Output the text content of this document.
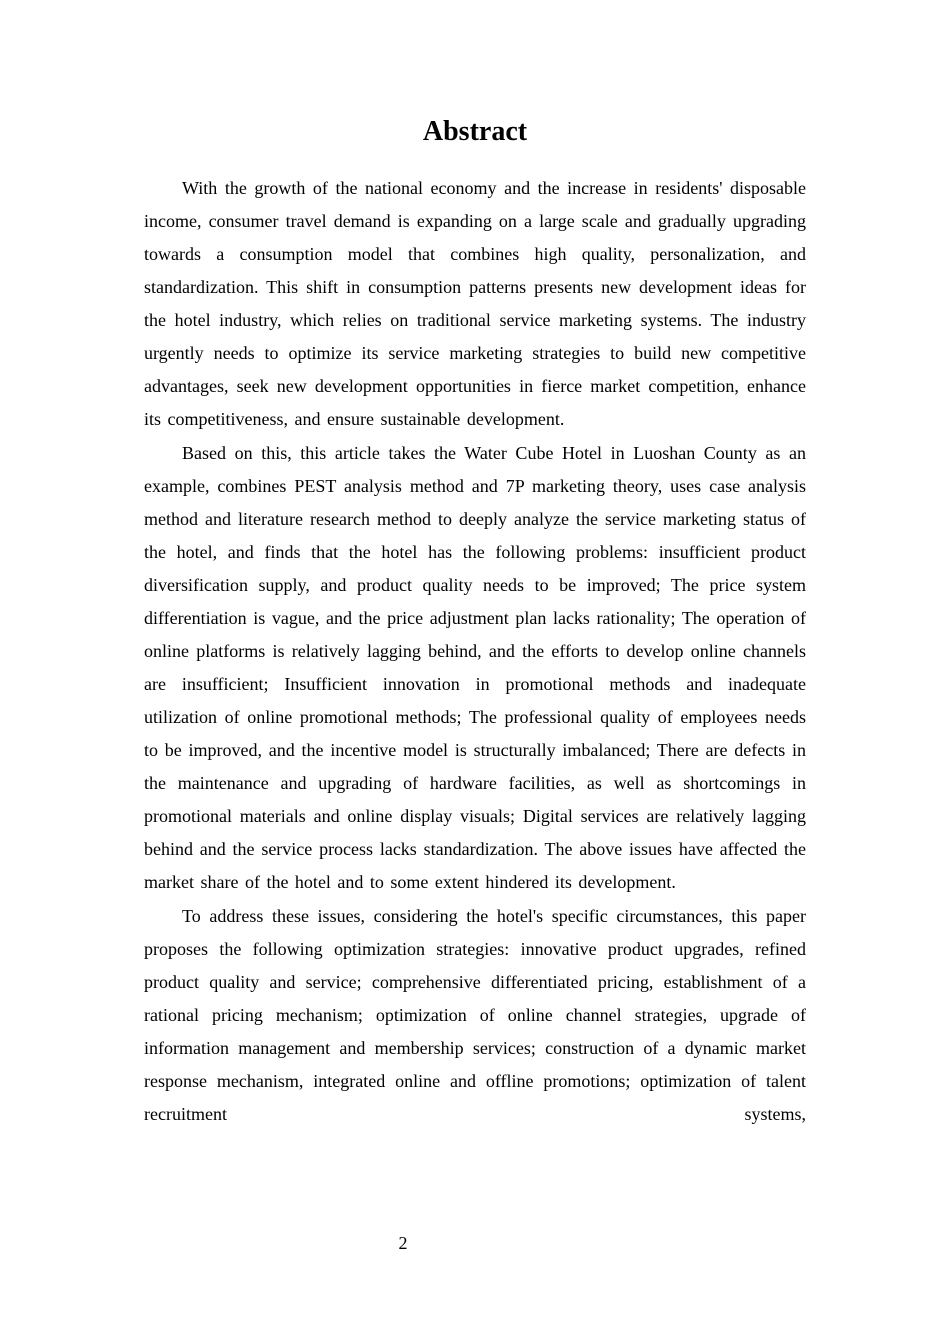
Abstract

With the growth of the national economy and the increase in residents' disposable income, consumer travel demand is expanding on a large scale and gradually upgrading towards a consumption model that combines high quality, personalization, and standardization. This shift in consumption patterns presents new development ideas for the hotel industry, which relies on traditional service marketing systems. The industry urgently needs to optimize its service marketing strategies to build new competitive advantages, seek new development opportunities in fierce market competition, enhance its competitiveness, and ensure sustainable development.

Based on this, this article takes the Water Cube Hotel in Luoshan County as an example, combines PEST analysis method and 7P marketing theory, uses case analysis method and literature research method to deeply analyze the service marketing status of the hotel, and finds that the hotel has the following problems: insufficient product diversification supply, and product quality needs to be improved; The price system differentiation is vague, and the price adjustment plan lacks rationality; The operation of online platforms is relatively lagging behind, and the efforts to develop online channels are insufficient; Insufficient innovation in promotional methods and inadequate utilization of online promotional methods; The professional quality of employees needs to be improved, and the incentive model is structurally imbalanced; There are defects in the maintenance and upgrading of hardware facilities, as well as shortcomings in promotional materials and online display visuals; Digital services are relatively lagging behind and the service process lacks standardization. The above issues have affected the market share of the hotel and to some extent hindered its development.

To address these issues, considering the hotel's specific circumstances, this paper proposes the following optimization strategies: innovative product upgrades, refined product quality and service; comprehensive differentiated pricing, establishment of a rational pricing mechanism; optimization of online channel strategies, upgrade of information management and membership services; construction of a dynamic market response mechanism, integrated online and offline promotions; optimization of talent recruitment systems,

2
